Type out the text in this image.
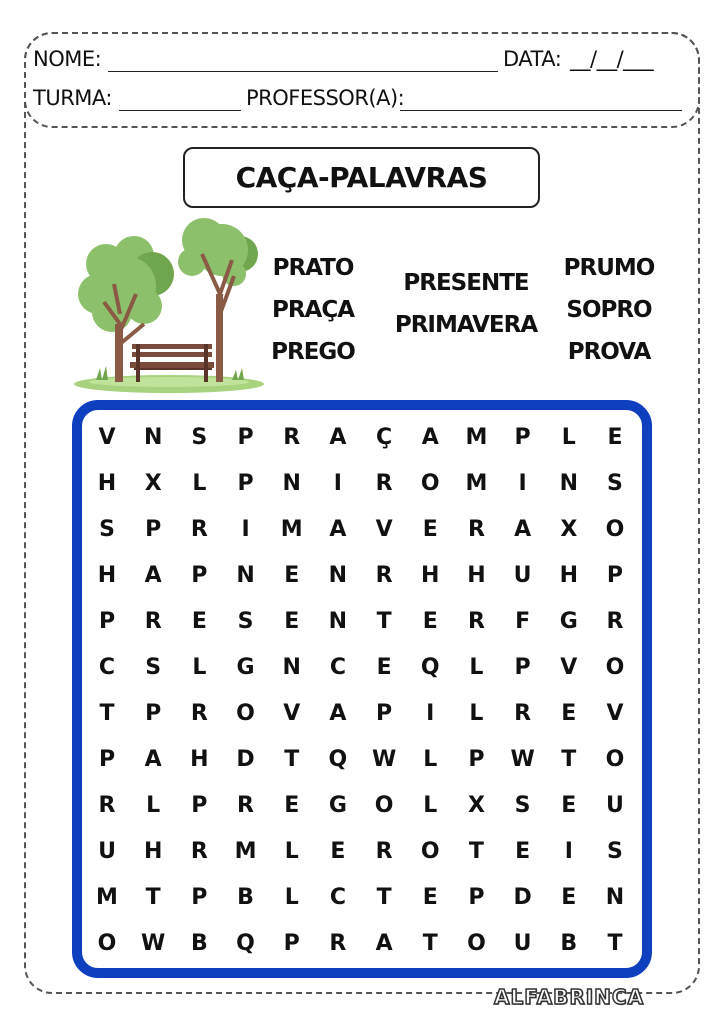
NOME:	DATA: __/__/___
TURMA:	PROFESSOR(A):
CAÇA-PALAVRAS
PRATO
PRAÇA
PREGO
PRESENTE
PRIMAVERA
PRUMO
SOPRO
PROVA
V	N	S	P	R	A	Ç	A	M	P	L	E
H	X	L	P	N	I	R	O	M	I	N	S
S	P	R	I	M	A	V	E	R	A	X	O
H	A	P	N	E	N	R	H	H	U	H	P
P	R	E	S	E	N	T	E	R	F	G	R
C	S	L	G	N	C	E	Q	L	P	V	O
T	P	R	O	V	A	P	I	L	R	E	V
P	A	H	D	T	Q	W	L	P	W	T	O
R	L	P	R	E	G	O	L	X	S	E	U
U	H	R	M	L	E	R	O	T	E	I	S
M	T	P	B	L	C	T	E	P	D	E	N
O	W	B	Q	P	R	A	T	O	U	B	T
ALFABRINCA
